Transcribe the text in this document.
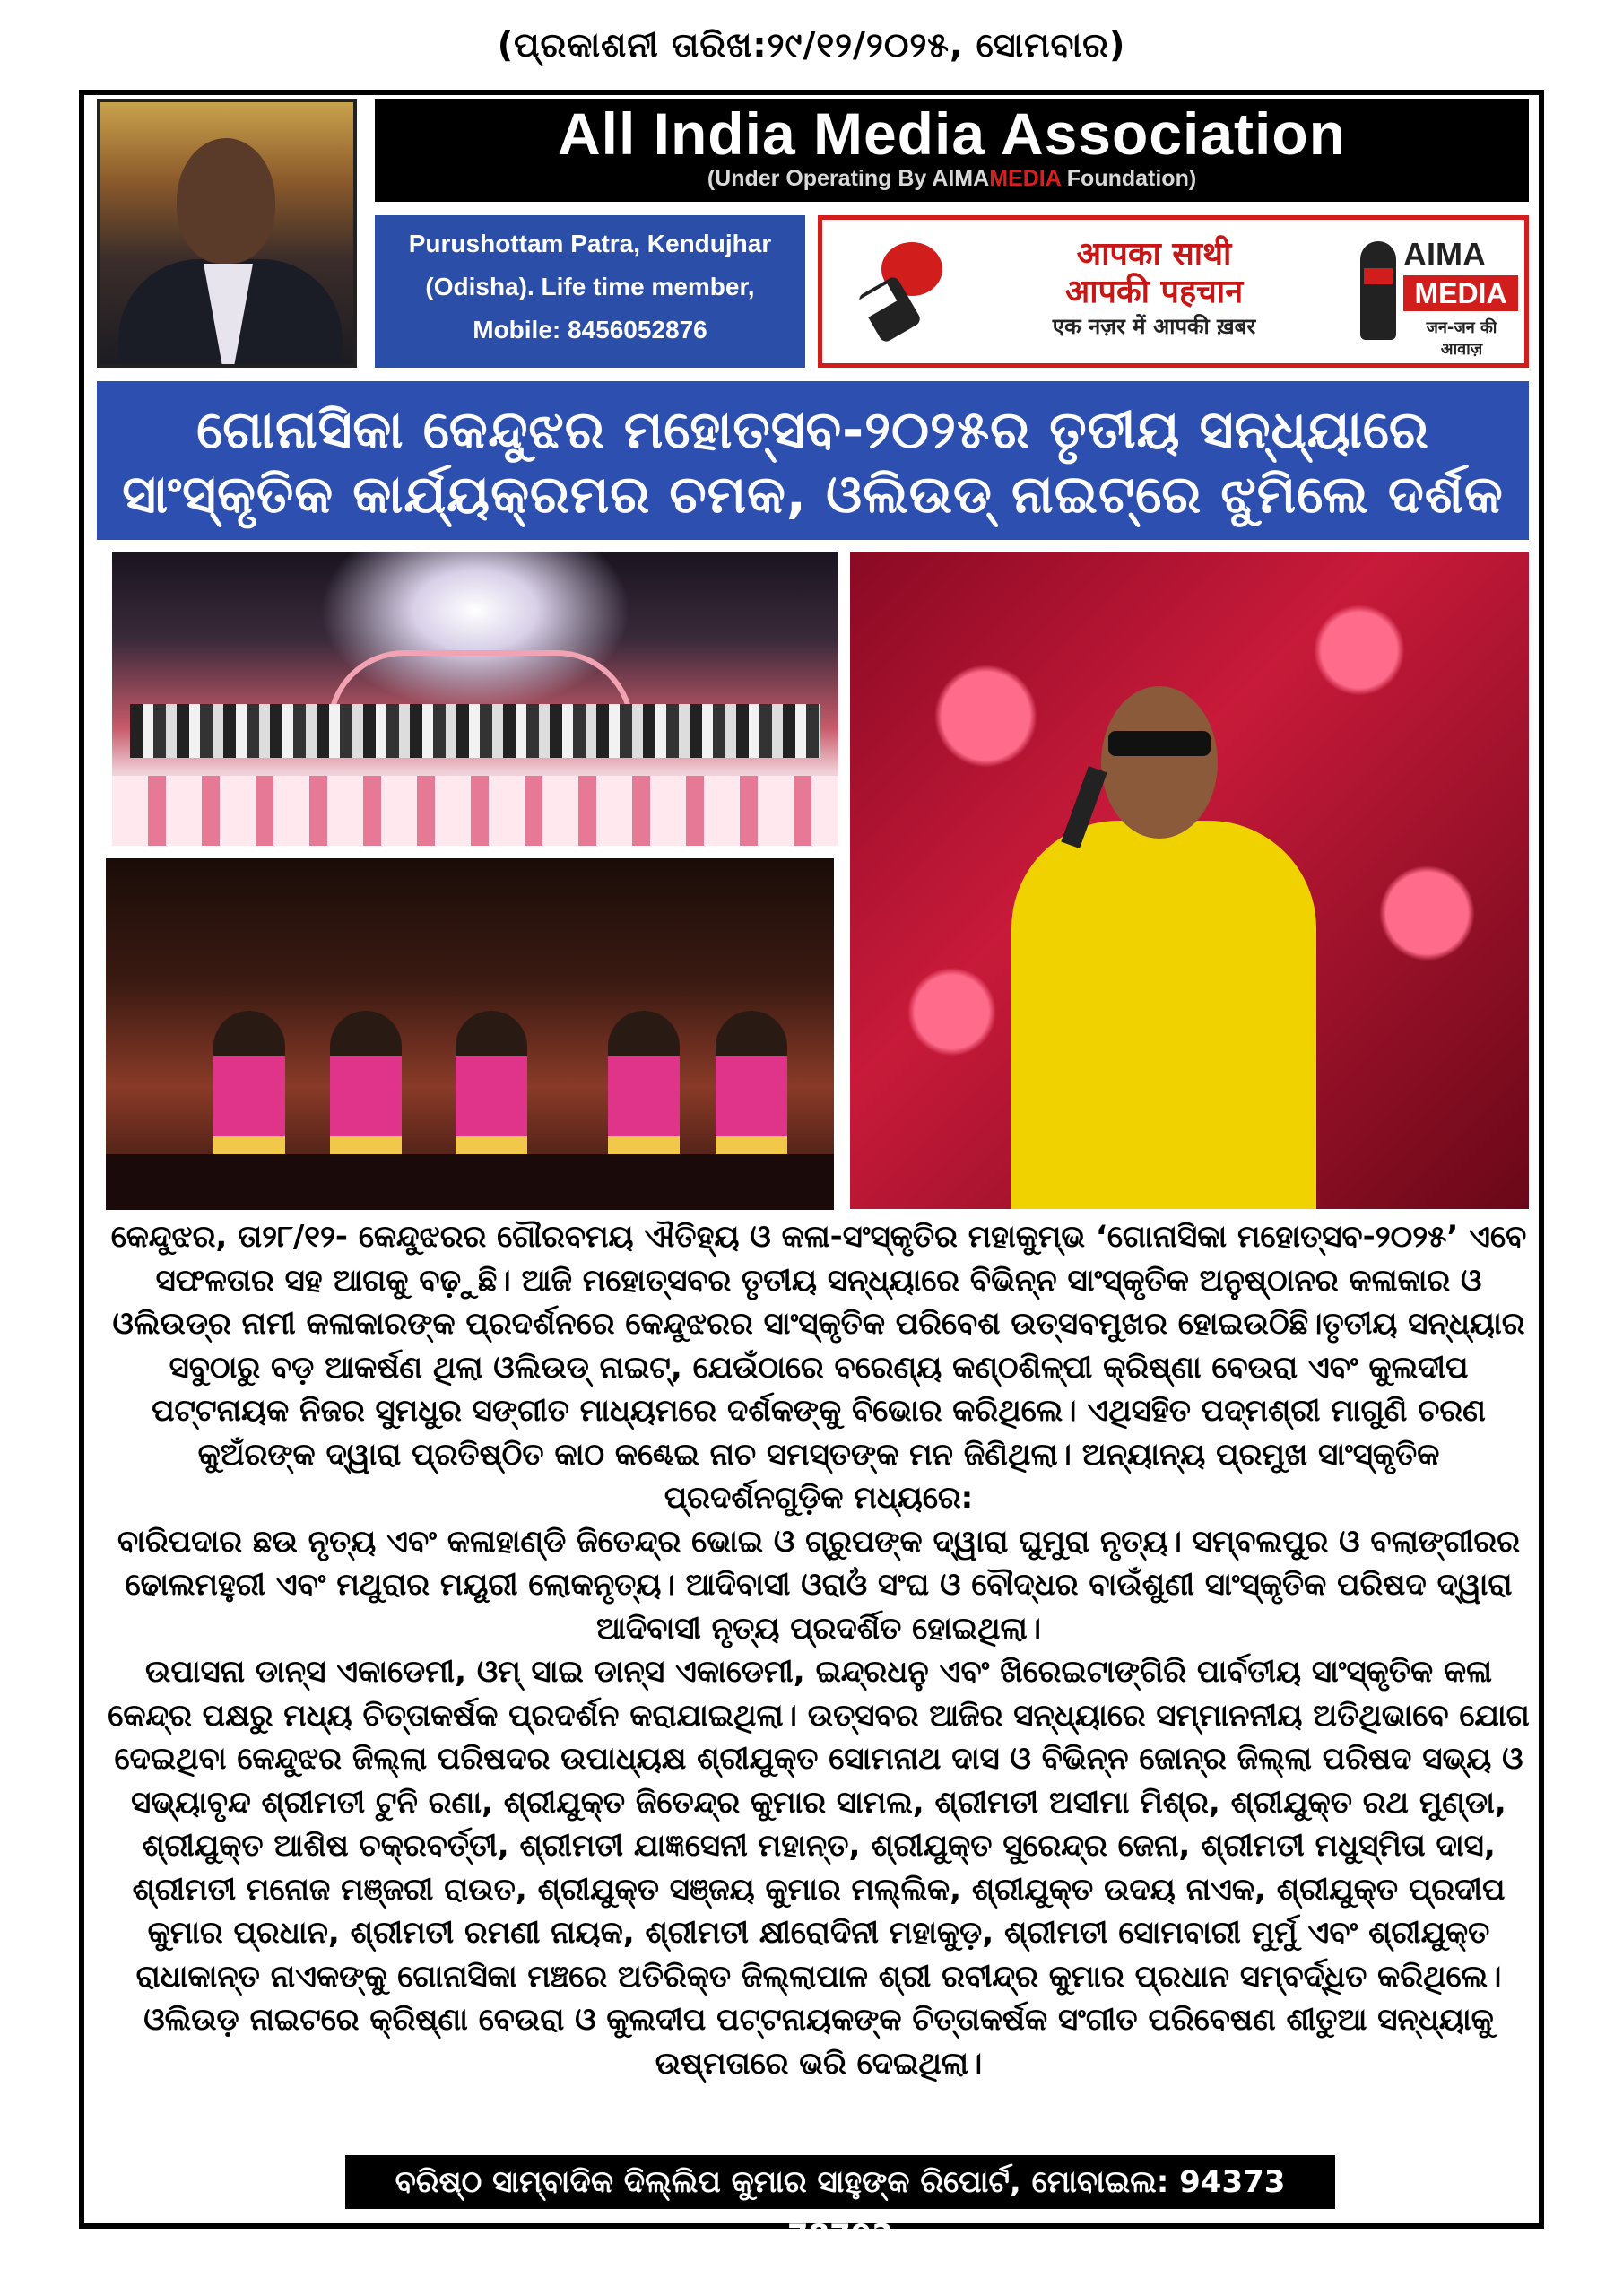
(ପ୍ରକାଶନୀ ତାରିଖ:୨୯/୧୨/୨୦୨୫, ସୋମବାର)
All India Media Association
(Under Operating By AIMAMEDIA Foundation)
Purushottam Patra, Kendujhar
(Odisha). Life time member,
Mobile: 8456052876
आपका साथी
आपकी पहचान
एक नज़र में आपकी ख़बर
AIMA
MEDIA
जन-जन की आवाज़
ଗୋନାସିକା କେନ୍ଦୁଝର ମହୋତ୍ସବ-୨୦୨୫ର ତୃତୀୟ ସନ୍ଧ୍ୟାରେ
ସାଂସ୍କୃତିକ କାର୍ଯ୍ୟକ୍ରମର ଚମକ, ଓଲିଉଡ୍ ନାଇଟ୍‌ରେ ଝୁମିଲେ ଦର୍ଶକ

କେନ୍ଦୁଝର, ତା୨୮/୧୨- କେନ୍ଦୁଝରର ଗୌରବମୟ ଐତିହ୍ୟ ଓ କଳା-ସଂସ୍କୃତିର ମହାକୁମ୍ଭ ‘ଗୋନାସିକା ମହୋତ୍ସବ-୨୦୨୫’ ଏବେ ସଫଳତାର ସହ ଆଗକୁ ବଢ଼ୁଛି। ଆଜି ମହୋତ୍ସବର ତୃତୀୟ ସନ୍ଧ୍ୟାରେ ବିଭିନ୍ନ ସାଂସ୍କୃତିକ ଅନୁଷ୍ଠାନର କଳାକାର ଓ ଓଲିଉଡ୍‌ର ନାମୀ କଳାକାରଙ୍କ ପ୍ରଦର୍ଶନରେ କେନ୍ଦୁଝରର ସାଂସ୍କୃତିକ ପରିବେଶ ଉତ୍ସବମୁଖର ହୋଇଉଠିଛି।ତୃତୀୟ ସନ୍ଧ୍ୟାର ସବୁଠାରୁ ବଡ଼ ଆକର୍ଷଣ ଥିଲା ଓଲିଉଡ୍ ନାଇଟ୍, ଯେଉଁଠାରେ ବରେଣ୍ୟ କଣ୍ଠଶିଳ୍ପୀ କ୍ରିଷ୍ଣା ବେଉରା ଏବଂ କୁଲଦୀପ ପଟ୍ଟନାୟକ ନିଜର ସୁମଧୁର ସଙ୍ଗୀତ ମାଧ୍ୟମରେ ଦର୍ଶକଙ୍କୁ ବିଭୋର କରିଥିଲେ। ଏଥିସହିତ ପଦ୍ମଶ୍ରୀ ମାଗୁଣି ଚରଣ କୁଅଁରଙ୍କ ଦ୍ୱାରା ପ୍ରତିଷ୍ଠିତ କାଠ କଣ୍ଢେଇ ନାଚ ସମସ୍ତଙ୍କ ମନ ଜିଣିଥିଲା। ଅନ୍ୟାନ୍ୟ ପ୍ରମୁଖ ସାଂସ୍କୃତିକ ପ୍ରଦର୍ଶନଗୁଡ଼ିକ ମଧ୍ୟରେ:

ବାରିପଦାର ଛଉ ନୃତ୍ୟ ଏବଂ କଳାହାଣ୍ଡି ଜିତେନ୍ଦ୍ର ଭୋଇ ଓ ଗ୍ରୁପଙ୍କ ଦ୍ୱାରା ଘୁମୁରା ନୃତ୍ୟ। ସମ୍ବଲପୁର ଓ ବଲାଙ୍ଗୀରର ଢୋଲମହୁରୀ ଏବଂ ମଥୁରାର ମୟୂରୀ ଲୋକନୃତ୍ୟ। ଆଦିବାସୀ ଓରାଓଁ ସଂଘ ଓ ବୌଦ୍ଧର ବାଉଁଶୁଣୀ ସାଂସ୍କୃତିକ ପରିଷଦ ଦ୍ୱାରା ଆଦିବାସୀ ନୃତ୍ୟ ପ୍ରଦର୍ଶିତ ହୋଇଥିଲା।

ଉପାସନା ଡାନ୍ସ ଏକାଡେମୀ, ଓମ୍ ସାଇ ଡାନ୍ସ ଏକାଡେମୀ, ଇନ୍ଦ୍ରଧନୁ ଏବଂ ଖିରେଇଟାଙ୍ଗିରି ପାର୍ବତୀୟ ସାଂସ୍କୃତିକ କଳା କେନ୍ଦ୍ର ପକ୍ଷରୁ ମଧ୍ୟ ଚିତ୍ତାକର୍ଷକ ପ୍ରଦର୍ଶନ କରାଯାଇଥିଲା। ଉତ୍ସବର ଆଜିର ସନ୍ଧ୍ୟାରେ ସମ୍ମାନନୀୟ ଅତିଥିଭାବେ ଯୋଗ ଦେଇଥିବା କେନ୍ଦୁଝର ଜିଲ୍ଲା ପରିଷଦର ଉପାଧ୍ୟକ୍ଷ ଶ୍ରୀଯୁକ୍ତ ସୋମନାଥ ଦାସ ଓ ବିଭିନ୍ନ ଜୋନ୍‌ର ଜିଲ୍ଲା ପରିଷଦ ସଭ୍ୟ ଓ ସଭ୍ୟାବୃନ୍ଦ ଶ୍ରୀମତୀ ଟୁନି ରଣା, ଶ୍ରୀଯୁକ୍ତ ଜିତେନ୍ଦ୍ର କୁମାର ସାମଲ, ଶ୍ରୀମତୀ ଅସୀମା ମିଶ୍ର, ଶ୍ରୀଯୁକ୍ତ ରଥ ମୁଣ୍ଡା, ଶ୍ରୀଯୁକ୍ତ ଆଶିଷ ଚକ୍ରବର୍ତ୍ତୀ, ଶ୍ରୀମତୀ ଯାଜ୍ଞସେନୀ ମହାନ୍ତ, ଶ୍ରୀଯୁକ୍ତ ସୁରେନ୍ଦ୍ର ଜେନା, ଶ୍ରୀମତୀ ମଧୁସ୍ମିତା ଦାସ, ଶ୍ରୀମତୀ ମନୋଜ ମଞ୍ଜରୀ ରାଉତ, ଶ୍ରୀଯୁକ୍ତ ସଞ୍ଜୟ କୁମାର ମଲ୍ଲିକ, ଶ୍ରୀଯୁକ୍ତ ଉଦୟ ନାଏକ, ଶ୍ରୀଯୁକ୍ତ ପ୍ରଦୀପ କୁମାର ପ୍ରଧାନ, ଶ୍ରୀମତୀ ରମଣୀ ନାୟକ, ଶ୍ରୀମତୀ କ୍ଷୀରୋଦିନୀ ମହାକୁଡ଼, ଶ୍ରୀମତୀ ସୋମବାରୀ ମୁର୍ମୁ ଏବଂ ଶ୍ରୀଯୁକ୍ତ ରାଧାକାନ୍ତ ନାଏକଙ୍କୁ ଗୋନାସିକା ମଞ୍ଚରେ ଅତିରିକ୍ତ ଜିଲ୍ଲାପାଳ ଶ୍ରୀ ରବୀନ୍ଦ୍ର କୁମାର ପ୍ରଧାନ ସମ୍ବର୍ଦ୍ଧିତ କରିଥିଲେ। ଓଲିଉଡ଼ ନାଇଟରେ କ୍ରିଷ୍ଣା ବେଉରା ଓ କୁଲଦୀପ ପଟ୍ଟନାୟକଙ୍କ ଚିତ୍ତାକର୍ଷକ ସଂଗୀତ ପରିବେଷଣ ଶୀତୁଆ ସନ୍ଧ୍ୟାକୁ ଉଷ୍ମତାରେ ଭରି ଦେଇଥିଲା।

ବରିଷ୍ଠ ସାମ୍ବାଦିକ ଦିଲ୍ଲିପ କୁମାର ସାହୁଙ୍କ ରିପୋର୍ଟ, ମୋବାଇଲ: 94373 78792
